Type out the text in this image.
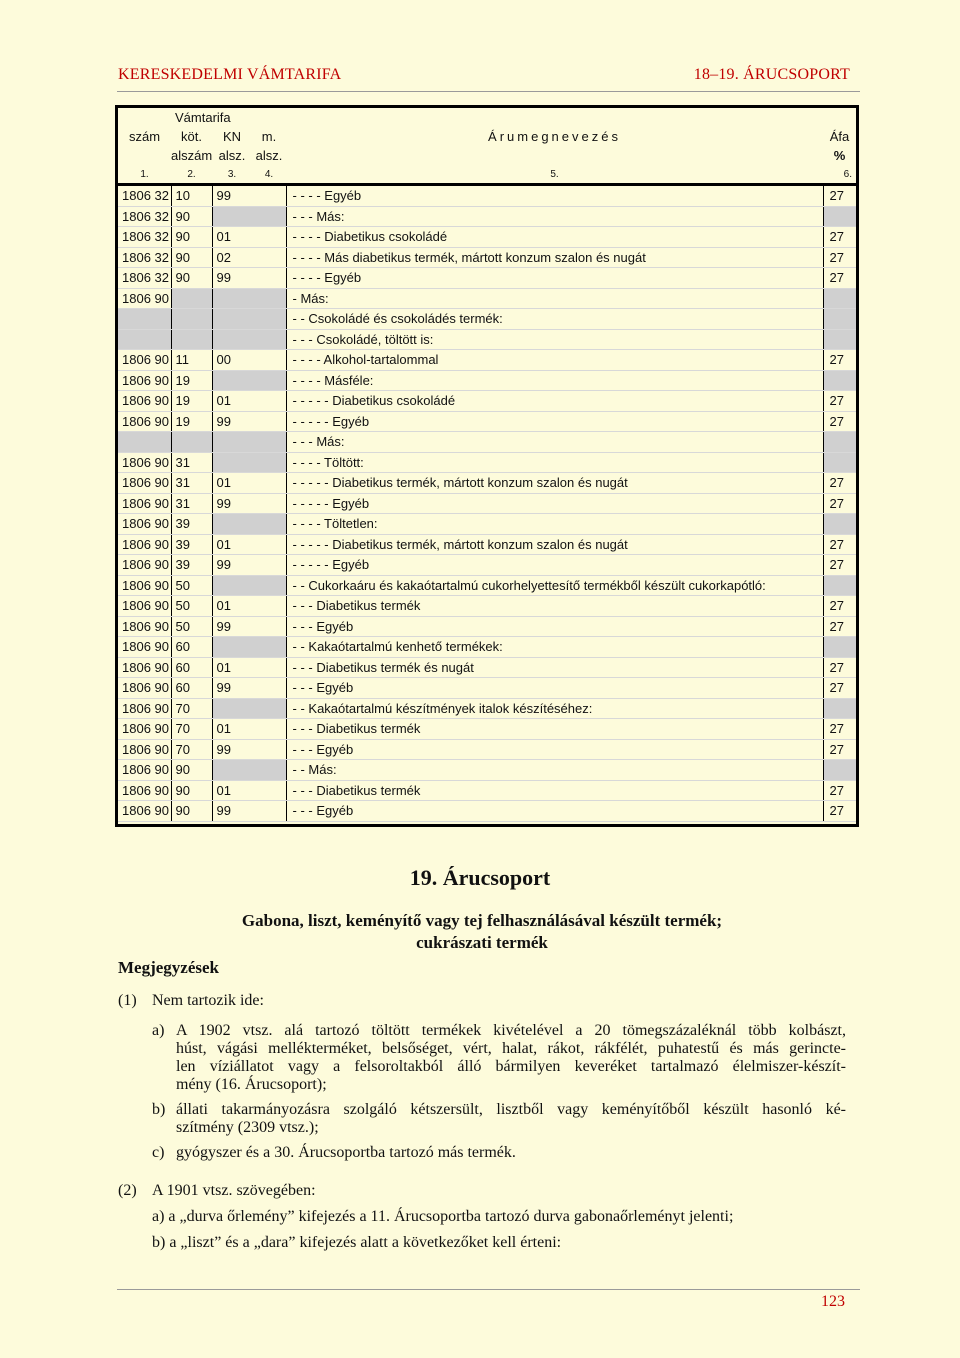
KERESKEDELMI VÁMTARIFA	18–19. ÁRUCSOPORT
	Vámtarifa				
szám	köt.	KN	m.	Árumegnevezés	Áfa
	alszám	alsz.	alsz.		%
1.	2.	3.	4.	5.	6.
1806 32	10	99		- - - - Egyéb	27
1806 32	90			- - - Más:	
1806 32	90	01		- - - - Diabetikus csokoládé	27
1806 32	90	02		- - - - Más diabetikus termék, mártott konzum szalon és nugát	27
1806 32	90	99		- - - - Egyéb	27
1806 90				- Más:	
				- - Csokoládé és csokoládés termék:	
				- - - Csokoládé, töltött is:	
1806 90	11	00		- - - - Alkohol-tartalommal	27
1806 90	19			- - - - Másféle:	
1806 90	19	01		- - - - - Diabetikus csokoládé	27
1806 90	19	99		- - - - - Egyéb	27
				- - - Más:	
1806 90	31			- - - - Töltött:	
1806 90	31	01		- - - - - Diabetikus termék, mártott konzum szalon és nugát	27
1806 90	31	99		- - - - - Egyéb	27
1806 90	39			- - - - Töltetlen:	
1806 90	39	01		- - - - - Diabetikus termék, mártott konzum szalon és nugát	27
1806 90	39	99		- - - - - Egyéb	27
1806 90	50			- - Cukorkaáru és kakaótartalmú cukorhelyettesítő termékből készült cukorkapótló:	
1806 90	50	01		- - - Diabetikus termék	27
1806 90	50	99		- - - Egyéb	27
1806 90	60			- - Kakaótartalmú kenhető termékek:	
1806 90	60	01		- - - Diabetikus termék és nugát	27
1806 90	60	99		- - - Egyéb	27
1806 90	70			- - Kakaótartalmú készítmények italok készítéséhez:	
1806 90	70	01		- - - Diabetikus termék	27
1806 90	70	99		- - - Egyéb	27
1806 90	90			- - Más:	
1806 90	90	01		- - - Diabetikus termék	27
1806 90	90	99		- - - Egyéb	27
19. Árucsoport
Gabona, liszt, keményítő vagy tej felhasználásával készült termék;
cukrászati termék
Megjegyzések
(1) Nem tartozik ide:
a) A 1902 vtsz. alá tartozó töltött termékek kivételével a 20 tömegszázaléknál több kolbászt,
húst, vágási mellékterméket, belsőséget, vért, halat, rákot, rákfélét, puhatestű és más gerincte-
len víziállatot vagy a felsoroltakból álló bármilyen keveréket tartalmazó élelmiszer-készít-
mény (16. Árucsoport);
b) állati takarmányozásra szolgáló kétszersült, lisztből vagy keményítőből készült hasonló ké-
szítmény (2309 vtsz.);
c) gyógyszer és a 30. Árucsoportba tartozó más termék.
(2) A 1901 vtsz. szövegében:
a) a „durva őrlemény” kifejezés a 11. Árucsoportba tartozó durva gabonaőrleményt jelenti;
b) a „liszt” és a „dara” kifejezés alatt a következőket kell érteni:
123
